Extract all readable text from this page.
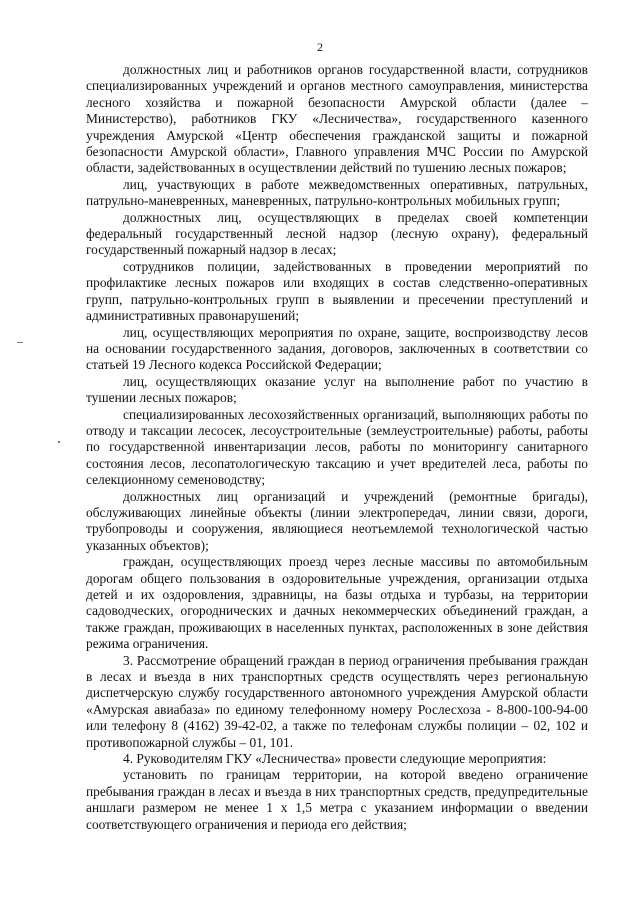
2

должностных лиц и работников органов государственной власти, сотрудников специализированных учреждений и органов местного самоуправления, министерства лесного хозяйства и пожарной безопасности Амурской области (далее – Министерство), работников ГКУ «Лесничества», государственного казенного учреждения Амурской «Центр обеспечения гражданской защиты и пожарной безопасности Амурской области», Главного управления МЧС России по Амурской области, задействованных в осуществлении действий по тушению лесных пожаров;

лиц, участвующих в работе межведомственных оперативных, патрульных, патрульно-маневренных, маневренных, патрульно-контрольных мобильных групп;

должностных лиц, осуществляющих в пределах своей компетенции федеральный государственный лесной надзор (лесную охрану), федеральный государственный пожарный надзор в лесах;

сотрудников полиции, задействованных в проведении мероприятий по профилактике лесных пожаров или входящих в состав следственно-оперативных групп, патрульно-контрольных групп в выявлении и пресечении преступлений и административных правонарушений;

лиц, осуществляющих мероприятия по охране, защите, воспроизводству лесов на основании государственного задания, договоров, заключенных в соответствии со статьей 19 Лесного кодекса Российской Федерации;

лиц, осуществляющих оказание услуг на выполнение работ по участию в тушении лесных пожаров;

специализированных лесохозяйственных организаций, выполняющих работы по отводу и таксации лесосек, лесоустроительные (землеустроительные) работы, работы по государственной инвентаризации лесов, работы по мониторингу санитарного состояния лесов, лесопатологическую таксацию и учет вредителей леса, работы по селекционному семеноводству;

должностных лиц организаций и учреждений (ремонтные бригады), обслуживающих линейные объекты (линии электропередач, линии связи, дороги, трубопроводы и сооружения, являющиеся неотъемлемой технологической частью указанных объектов);

граждан, осуществляющих проезд через лесные массивы по автомобильным дорогам общего пользования в оздоровительные учреждения, организации отдыха детей и их оздоровления, здравницы, на базы отдыха и турбазы, на территории садоводческих, огороднических и дачных некоммерческих объединений граждан, а также граждан, проживающих в населенных пунктах, расположенных в зоне действия режима ограничения.

3. Рассмотрение обращений граждан в период ограничения пребывания граждан в лесах и въезда в них транспортных средств осуществлять через региональную диспетчерскую службу государственного автономного учреждения Амурской области «Амурская авиабаза» по единому телефонному номеру Рослесхоза - 8-800-100-94-00 или телефону 8 (4162) 39-42-02, а также по телефонам службы полиции – 02, 102 и противопожарной службы – 01, 101.

4. Руководителям ГКУ «Лесничества» провести следующие мероприятия:

установить по границам территории, на которой введено ограничение пребывания граждан в лесах и въезда в них транспортных средств, предупредительные аншлаги размером не менее 1 х 1,5 метра с указанием информации о введении соответствующего ограничения и периода его действия;
